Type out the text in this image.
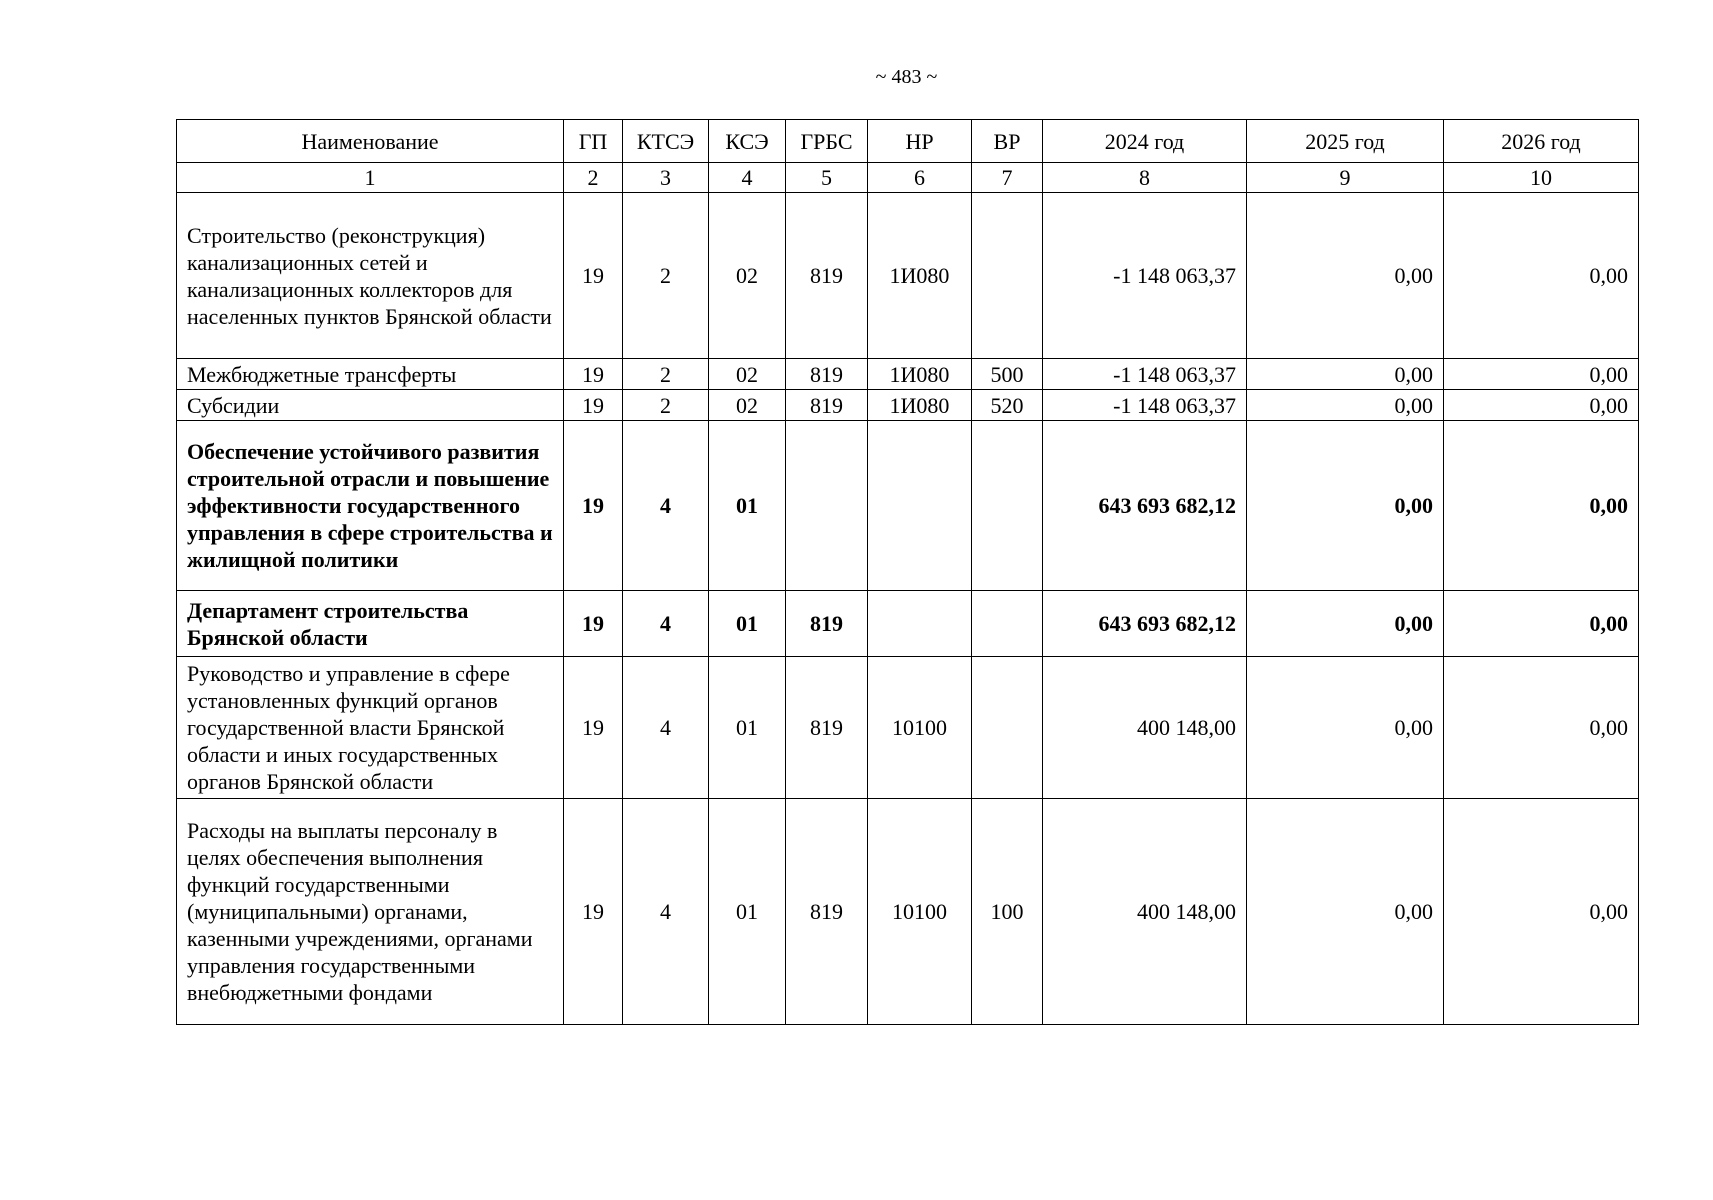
~ 483 ~
Наименование	ГП	КТСЭ	КСЭ	ГРБС	НР	ВР	2024 год	2025 год	2026 год
1	2	3	4	5	6	7	8	9	10
Строительство (реконструкция) канализационных сетей и канализационных коллекторов для населенных пунктов Брянской области	19	2	02	819	1И080		-1 148 063,37	0,00	0,00
Межбюджетные трансферты	19	2	02	819	1И080	500	-1 148 063,37	0,00	0,00
Субсидии	19	2	02	819	1И080	520	-1 148 063,37	0,00	0,00
Обеспечение устойчивого развития строительной отрасли и повышение эффективности государственного управления в сфере строительства и жилищной политики	19	4	01				643 693 682,12	0,00	0,00
Департамент строительства Брянской области	19	4	01	819			643 693 682,12	0,00	0,00
Руководство и управление в сфере установленных функций органов государственной власти Брянской области и иных государственных органов Брянской области	19	4	01	819	10100		400 148,00	0,00	0,00
Расходы на выплаты персоналу в целях обеспечения выполнения функций государственными (муниципальными) органами, казенными учреждениями, органами управления государственными внебюджетными фондами	19	4	01	819	10100	100	400 148,00	0,00	0,00
